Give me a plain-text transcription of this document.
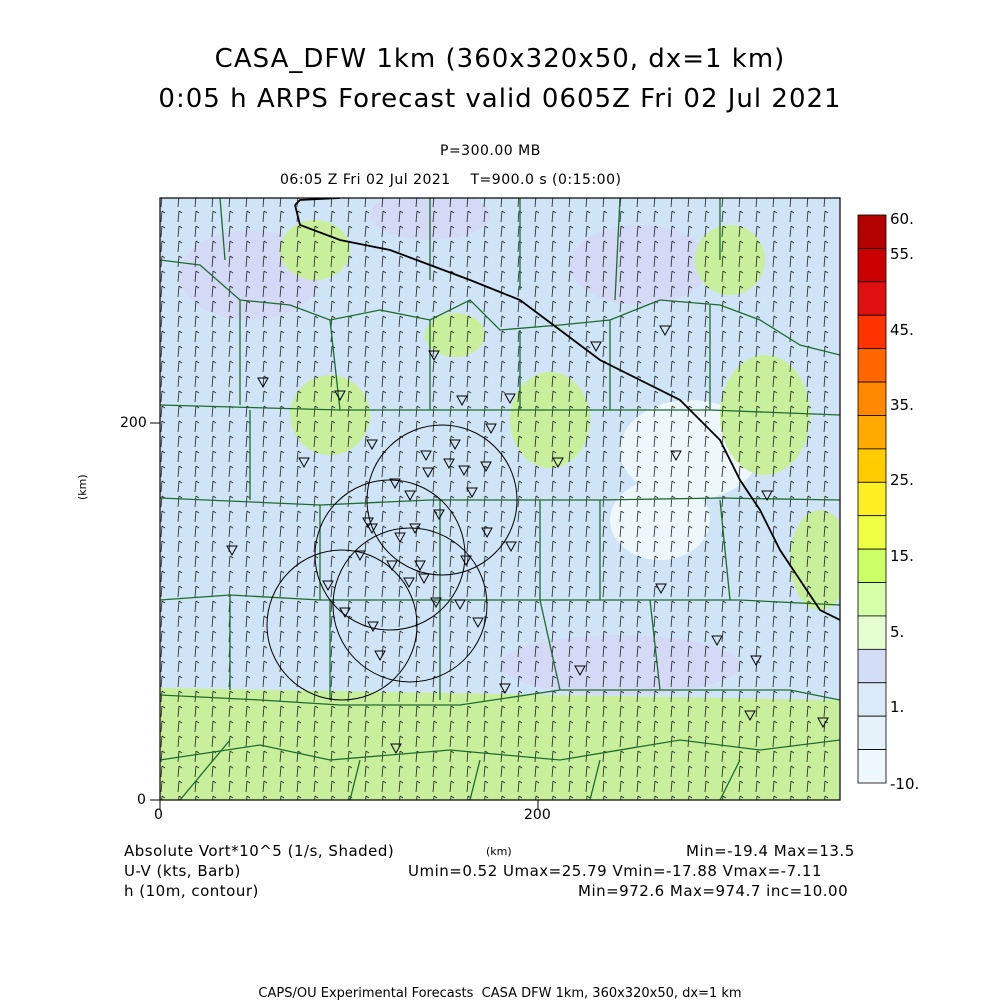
CASA_DFW 1km (360x320x50, dx=1 km)
0:05 h ARPS Forecast valid 0605Z Fri 02 Jul 2021
P=300.00 MB
06:05 Z Fri 02 Jul 2021    T=900.0 s (0:15:00)
0	200
0
200
(km)
(km)
60.
55.
45.
35.
25.
15.
5.
1.
-10.
Absolute Vort*10^5 (1/s, Shaded)	Min=-19.4 Max=13.5
U-V (kts, Barb)	Umin=0.52 Umax=25.79 Vmin=-17.88 Vmax=-7.11
h (10m, contour)	Min=972.6 Max=974.7 inc=10.00
CAPS/OU Experimental Forecasts  CASA DFW 1km, 360x320x50, dx=1 km
